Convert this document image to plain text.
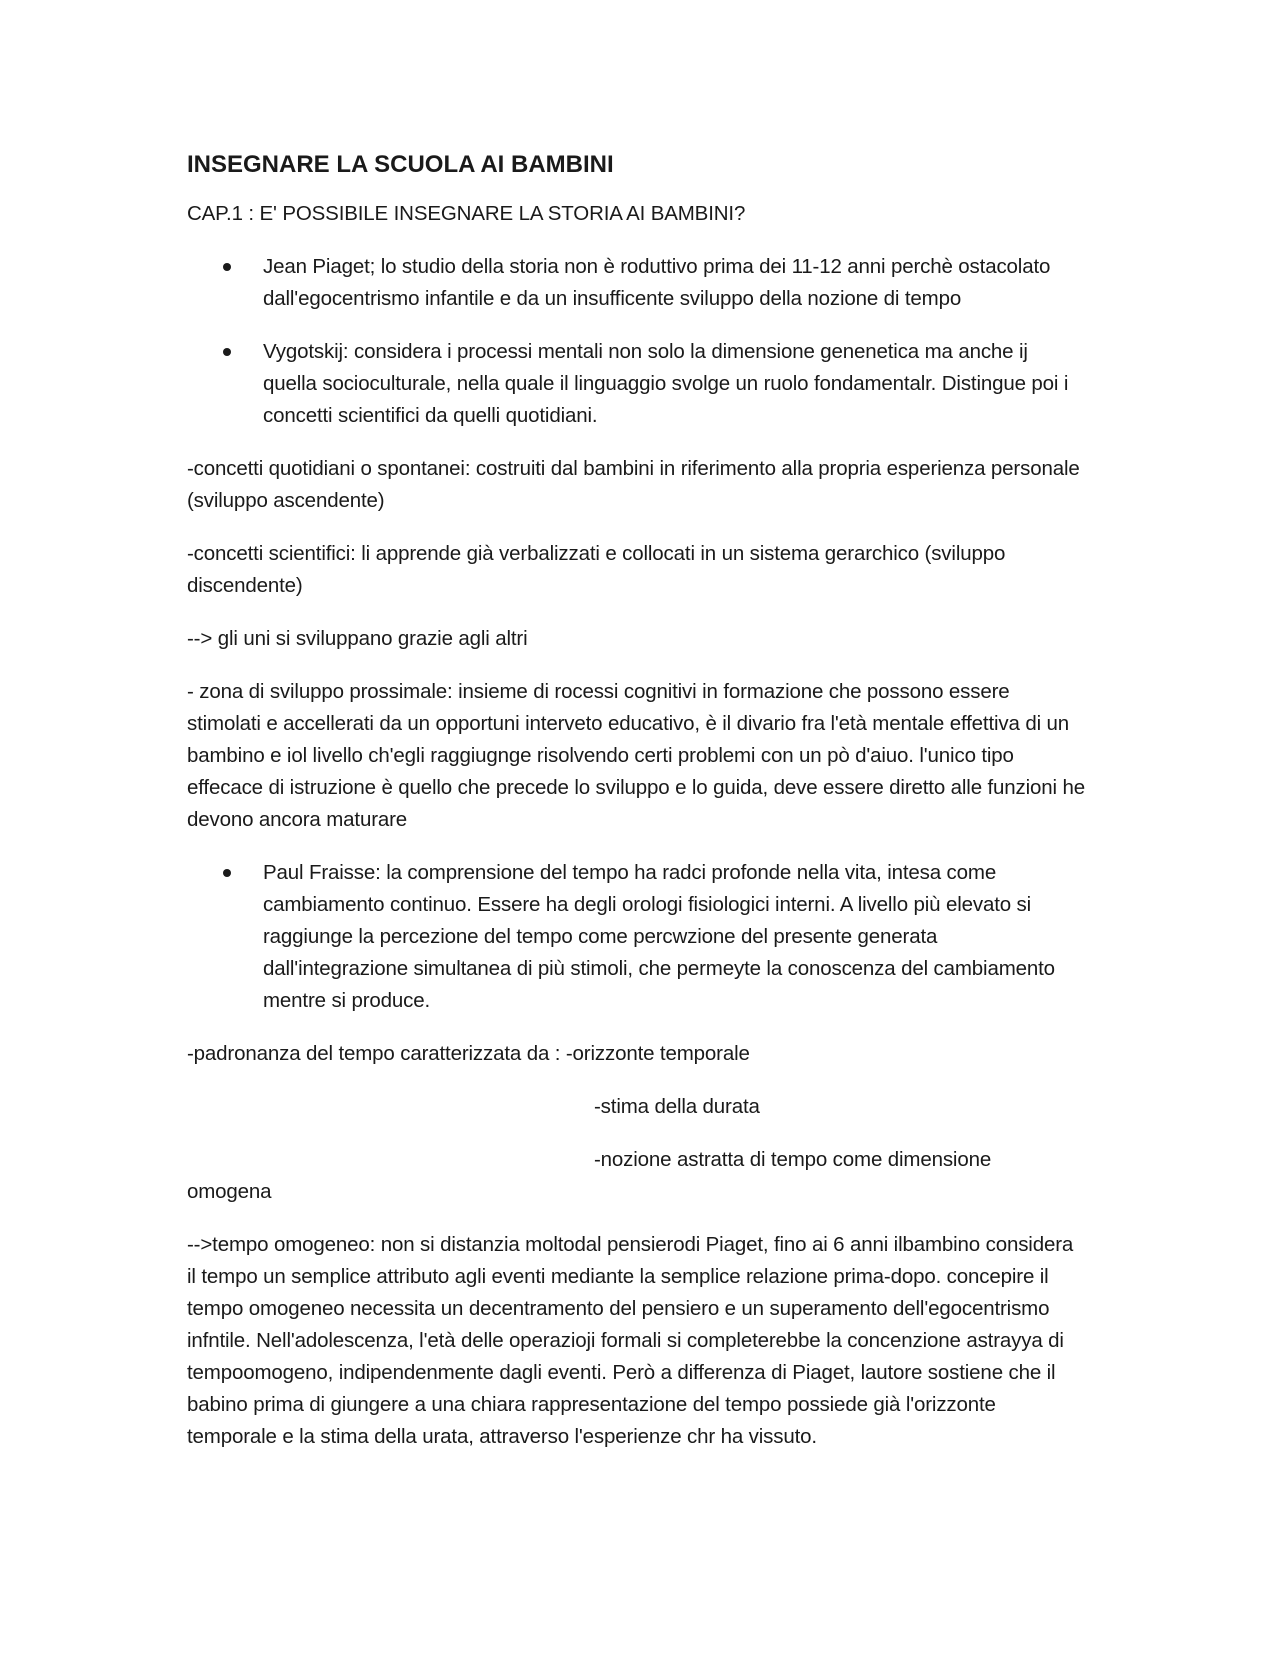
INSEGNARE LA SCUOLA AI BAMBINI
CAP.1 : E' POSSIBILE INSEGNARE LA STORIA AI BAMBINI?
Jean Piaget; lo studio della storia non è roduttivo prima dei 11-12 anni perchè ostacolato dall'egocentrismo infantile e da un insufficente sviluppo della nozione di tempo
Vygotskij: considera i processi mentali non solo la dimensione genenetica ma anche ij quella socioculturale, nella quale il linguaggio svolge un ruolo fondamentalr. Distingue poi i concetti scientifici da quelli quotidiani.
-concetti quotidiani o spontanei: costruiti dal bambini in riferimento alla propria esperienza personale (sviluppo ascendente)
-concetti scientifici: li apprende già verbalizzati e collocati in un sistema gerarchico (sviluppo discendente)
--> gli uni si sviluppano grazie agli altri
- zona di sviluppo prossimale: insieme di rocessi cognitivi in formazione che possono essere stimolati e accellerati da un opportuni interveto educativo, è il divario fra l'età mentale effettiva di un bambino e iol livello ch'egli raggiugnge risolvendo certi problemi con un pò d'aiuo. l'unico tipo effecace di istruzione è quello che precede lo sviluppo e lo guida, deve essere diretto alle funzioni he devono ancora maturare
Paul Fraisse: la comprensione del tempo ha radci profonde nella vita, intesa come cambiamento continuo. Essere ha degli orologi fisiologici interni. A livello più elevato si raggiunge la percezione del tempo come percwzione del presente generata dall'integrazione simultanea di più stimoli, che permeyte la conoscenza del cambiamento mentre si produce.
-padronanza del tempo caratterizzata da : -orizzonte temporale
-stima della durata
-nozione astratta di tempo come dimensione
omogena
-->tempo omogeneo: non si distanzia moltodal pensierodi Piaget, fino ai 6 anni ilbambino considera il tempo un semplice attributo agli eventi mediante la semplice relazione prima-dopo. concepire il tempo omogeneo necessita un decentramento del pensiero e un superamento dell'egocentrismo infntile. Nell'adolescenza, l'età delle operazioji formali si completerebbe la concenzione astrayya di tempoomogeno, indipendenmente dagli eventi. Però a differenza di Piaget, lautore sostiene che il babino prima di giungere a una chiara rappresentazione del tempo possiede già l'orizzonte temporale e la stima della urata, attraverso l'esperienze chr ha vissuto.
